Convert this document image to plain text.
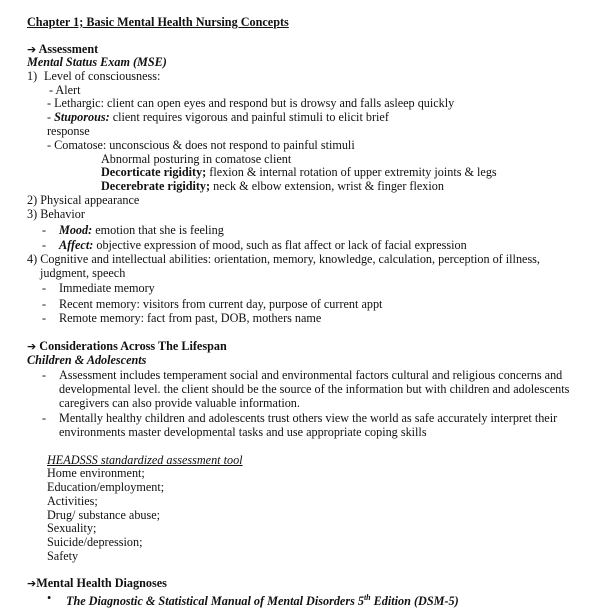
Chapter 1; Basic Mental Health Nursing Concepts
➔ Assessment
Mental Status Exam (MSE)
1) Level of consciousness:
- Alert
- Lethargic: client can open eyes and respond but is drowsy and falls asleep quickly
- Stuporous: client requires vigorous and painful stimuli to elicit brief
response
- Comatose: unconscious & does not respond to painful stimuli
Abnormal posturing in comatose client
Decorticate rigidity; flexion & internal rotation of upper extremity joints & legs
Decerebrate rigidity; neck & elbow extension, wrist & finger flexion
2) Physical appearance
3) Behavior
- Mood: emotion that she is feeling
- Affect: objective expression of mood, such as flat affect or lack of facial expression
4) Cognitive and intellectual abilities: orientation, memory, knowledge, calculation, perception of illness,
judgment, speech
- Immediate memory
- Recent memory: visitors from current day, purpose of current appt
- Remote memory: fact from past, DOB, mothers name
➔ Considerations Across The Lifespan
Children & Adolescents
- Assessment includes temperament social and environmental factors cultural and religious concerns and
developmental level. the client should be the source of the information but with children and adolescents
caregivers can also provide valuable information.
- Mentally healthy children and adolescents trust others view the world as safe accurately interpret their
environments master developmental tasks and use appropriate coping skills
HEADSSS standardized assessment tool
Home environment;
Education/employment;
Activities;
Drug/ substance abuse;
Sexuality;
Suicide/depression;
Safety
➔Mental Health Diagnoses
• The Diagnostic & Statistical Manual of Mental Disorders 5th Edition (DSM-5)
